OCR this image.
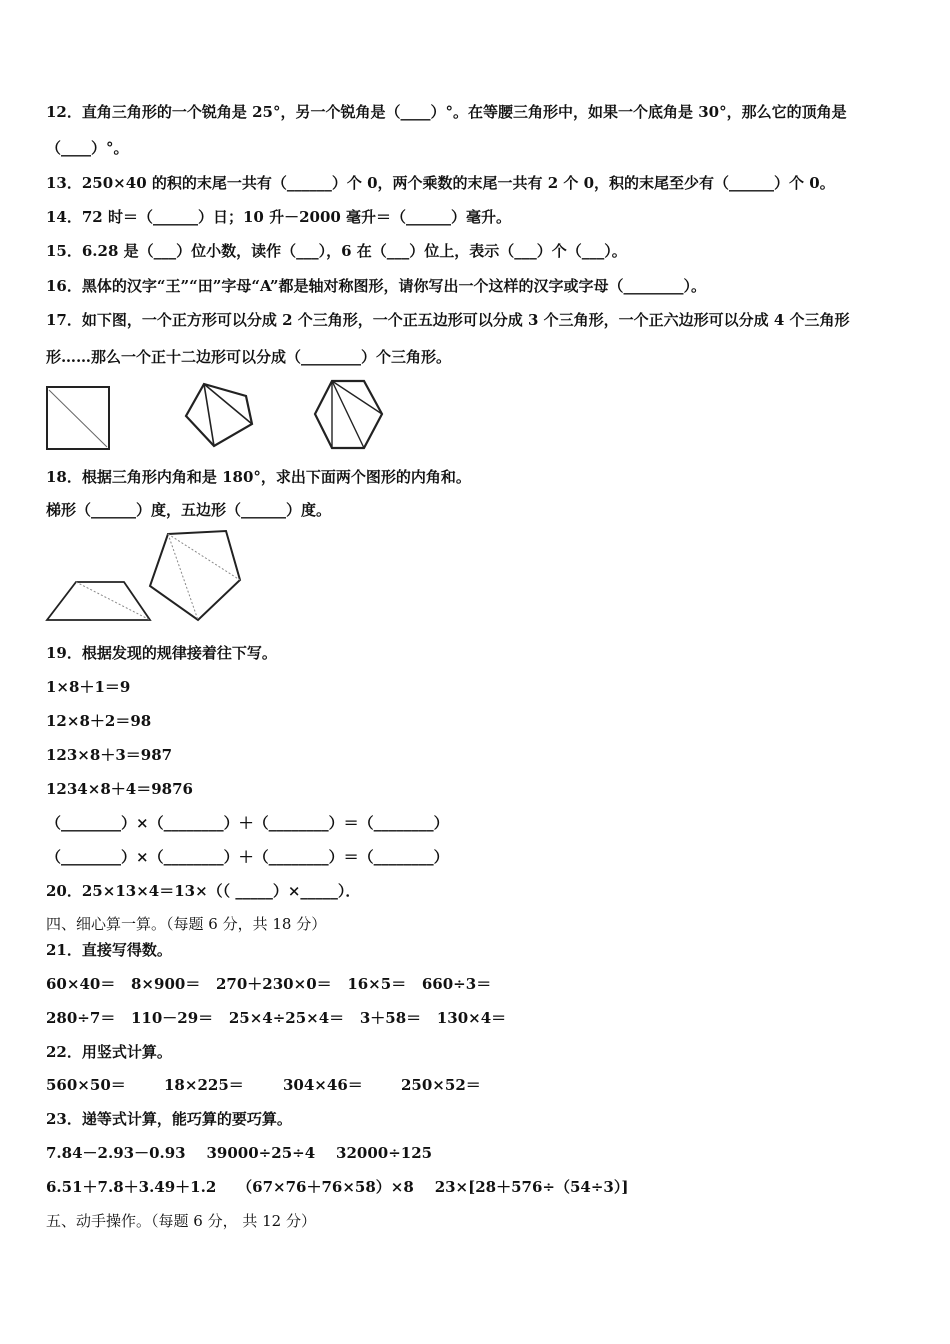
12．直角三角形的一个锐角是 25°，另一个锐角是（____）°。在等腰三角形中，如果一个底角是 30°，那么它的顶角是
（____）°。
13．250×40 的积的末尾一共有（______）个 0，两个乘数的末尾一共有 2 个 0，积的末尾至少有（______）个 0。
14．72 时＝（______）日；10 升－2000 毫升＝（______）毫升。
15．6.28 是（___）位小数，读作（___），6 在（___）位上，表示（___）个（___）。
16．黑体的汉字“王”“田”字母“A”都是轴对称图形，请你写出一个这样的汉字或字母（________）。
17．如下图，一个正方形可以分成 2 个三角形，一个正五边形可以分成 3 个三角形，一个正六边形可以分成 4 个三角形
形……那么一个正十二边形可以分成（________）个三角形。
18．根据三角形内角和是 180°，求出下面两个图形的内角和。
梯形（______）度，五边形（______）度。
19．根据发现的规律接着往下写。
1×8＋1＝9
12×8＋2＝98
123×8＋3＝987
1234×8＋4＝9876
（________）×（________）＋（________）＝（________）
（________）×（________）＋（________）＝（________）
20．25×13×4＝13×（（ _____）×_____）．
四、细心算一算。（每题 6 分，共 18 分）
21．直接写得数。
60×40＝ 8×900＝ 270＋230×0＝ 16×5＝ 660÷3＝
280÷7＝ 110－29＝ 25×4÷25×4＝ 3＋58＝ 130×4＝
22．用竖式计算。
560×50＝	18×225＝	304×46＝	250×52＝
23．递等式计算，能巧算的要巧算。
7.84－2.93－0.93 39000÷25÷4 32000÷125
6.51＋7.8＋3.49＋1.2 （67×76＋76×58）×8 23×[28＋576÷（54÷3）]
五、动手操作。（每题 6 分， 共 12 分）
